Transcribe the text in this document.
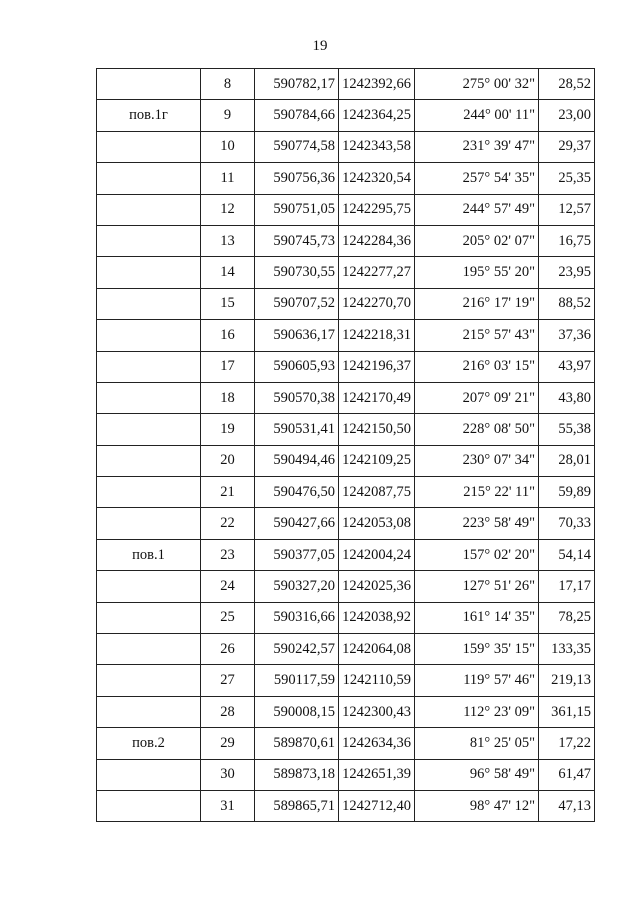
19
	8	590782,17	1242392,66	275° 00' 32"	28,52
пов.1г	9	590784,66	1242364,25	244° 00' 11"	23,00
	10	590774,58	1242343,58	231° 39' 47"	29,37
	11	590756,36	1242320,54	257° 54' 35"	25,35
	12	590751,05	1242295,75	244° 57' 49"	12,57
	13	590745,73	1242284,36	205° 02' 07"	16,75
	14	590730,55	1242277,27	195° 55' 20"	23,95
	15	590707,52	1242270,70	216° 17' 19"	88,52
	16	590636,17	1242218,31	215° 57' 43"	37,36
	17	590605,93	1242196,37	216° 03' 15"	43,97
	18	590570,38	1242170,49	207° 09' 21"	43,80
	19	590531,41	1242150,50	228° 08' 50"	55,38
	20	590494,46	1242109,25	230° 07' 34"	28,01
	21	590476,50	1242087,75	215° 22' 11"	59,89
	22	590427,66	1242053,08	223° 58' 49"	70,33
пов.1	23	590377,05	1242004,24	157° 02' 20"	54,14
	24	590327,20	1242025,36	127° 51' 26"	17,17
	25	590316,66	1242038,92	161° 14' 35"	78,25
	26	590242,57	1242064,08	159° 35' 15"	133,35
	27	590117,59	1242110,59	119° 57' 46"	219,13
	28	590008,15	1242300,43	112° 23' 09"	361,15
пов.2	29	589870,61	1242634,36	81° 25' 05"	17,22
	30	589873,18	1242651,39	96° 58' 49"	61,47
	31	589865,71	1242712,40	98° 47' 12"	47,13
